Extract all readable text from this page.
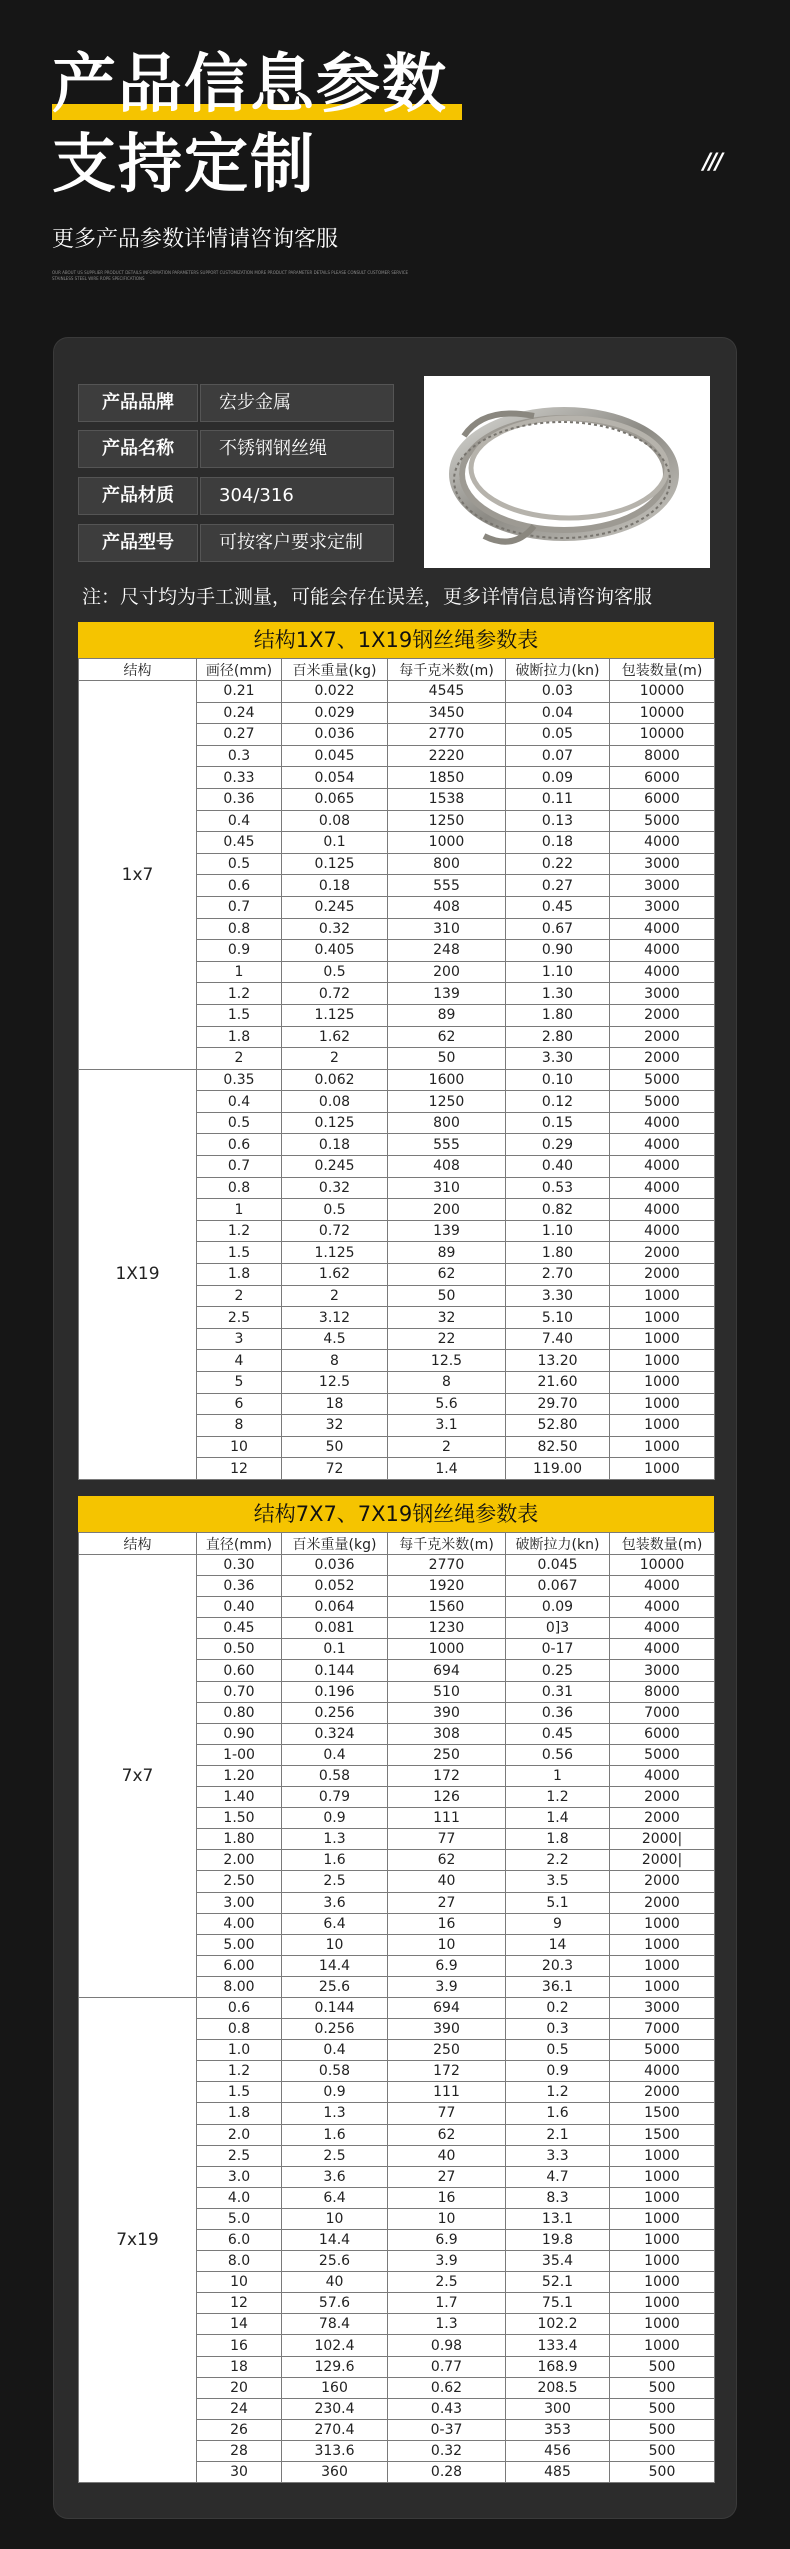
产品信息参数
支持定制	///
更多产品参数详情请咨询客服
OUR ABOUT US SUPPLIER PRODUCT DETAILS INFORMATION PARAMETERS SUPPORT CUSTOMIZATION MORE PRODUCT PARAMETER DETAILS PLEASE CONSULT CUSTOMER SERVICE STAINLESS STEEL WIRE ROPE SPECIFICATIONS
产品品牌	宏步金属
产品名称	不锈钢钢丝绳
产品材质	304/316
产品型号	可按客户要求定制
注：尺寸均为手工测量，可能会存在误差，更多详情信息请咨询客服
结构1X7、1X19钢丝绳参数表
结构	画径(mm)	百米重量(kg)	每千克米数(m)	破断拉力(kn)	包装数量(m)
1x7	0.21	0.022	4545	0.03	10000
	0.24	0.029	3450	0.04	10000
	0.27	0.036	2770	0.05	10000
	0.3	0.045	2220	0.07	8000
	0.33	0.054	1850	0.09	6000
	0.36	0.065	1538	0.11	6000
	0.4	0.08	1250	0.13	5000
	0.45	0.1	1000	0.18	4000
	0.5	0.125	800	0.22	3000
	0.6	0.18	555	0.27	3000
	0.7	0.245	408	0.45	3000
	0.8	0.32	310	0.67	4000
	0.9	0.405	248	0.90	4000
	1	0.5	200	1.10	4000
	1.2	0.72	139	1.30	3000
	1.5	1.125	89	1.80	2000
	1.8	1.62	62	2.80	2000
	2	2	50	3.30	2000
1X19	0.35	0.062	1600	0.10	5000
	0.4	0.08	1250	0.12	5000
	0.5	0.125	800	0.15	4000
	0.6	0.18	555	0.29	4000
	0.7	0.245	408	0.40	4000
	0.8	0.32	310	0.53	4000
	1	0.5	200	0.82	4000
	1.2	0.72	139	1.10	4000
	1.5	1.125	89	1.80	2000
	1.8	1.62	62	2.70	2000
	2	2	50	3.30	1000
	2.5	3.12	32	5.10	1000
	3	4.5	22	7.40	1000
	4	8	12.5	13.20	1000
	5	12.5	8	21.60	1000
	6	18	5.6	29.70	1000
	8	32	3.1	52.80	1000
	10	50	2	82.50	1000
	12	72	1.4	119.00	1000
结构7X7、7X19钢丝绳参数表
结构	直径(mm)	百米重量(kg)	每千克米数(m)	破断拉力(kn)	包装数量(m)
7x7	0.30	0.036	2770	0.045	10000
	0.36	0.052	1920	0.067	4000
	0.40	0.064	1560	0.09	4000
	0.45	0.081	1230	0]3	4000
	0.50	0.1	1000	0-17	4000
	0.60	0.144	694	0.25	3000
	0.70	0.196	510	0.31	8000
	0.80	0.256	390	0.36	7000
	0.90	0.324	308	0.45	6000
	1-00	0.4	250	0.56	5000
	1.20	0.58	172	1	4000
	1.40	0.79	126	1.2	2000
	1.50	0.9	111	1.4	2000
	1.80	1.3	77	1.8	2000|
	2.00	1.6	62	2.2	2000|
	2.50	2.5	40	3.5	2000
	3.00	3.6	27	5.1	2000
	4.00	6.4	16	9	1000
	5.00	10	10	14	1000
	6.00	14.4	6.9	20.3	1000
	8.00	25.6	3.9	36.1	1000
7x19	0.6	0.144	694	0.2	3000
	0.8	0.256	390	0.3	7000
	1.0	0.4	250	0.5	5000
	1.2	0.58	172	0.9	4000
	1.5	0.9	111	1.2	2000
	1.8	1.3	77	1.6	1500
	2.0	1.6	62	2.1	1500
	2.5	2.5	40	3.3	1000
	3.0	3.6	27	4.7	1000
	4.0	6.4	16	8.3	1000
	5.0	10	10	13.1	1000
	6.0	14.4	6.9	19.8	1000
	8.0	25.6	3.9	35.4	1000
	10	40	2.5	52.1	1000
	12	57.6	1.7	75.1	1000
	14	78.4	1.3	102.2	1000
	16	102.4	0.98	133.4	1000
	18	129.6	0.77	168.9	500
	20	160	0.62	208.5	500
	24	230.4	0.43	300	500
	26	270.4	0-37	353	500
	28	313.6	0.32	456	500
	30	360	0.28	485	500
